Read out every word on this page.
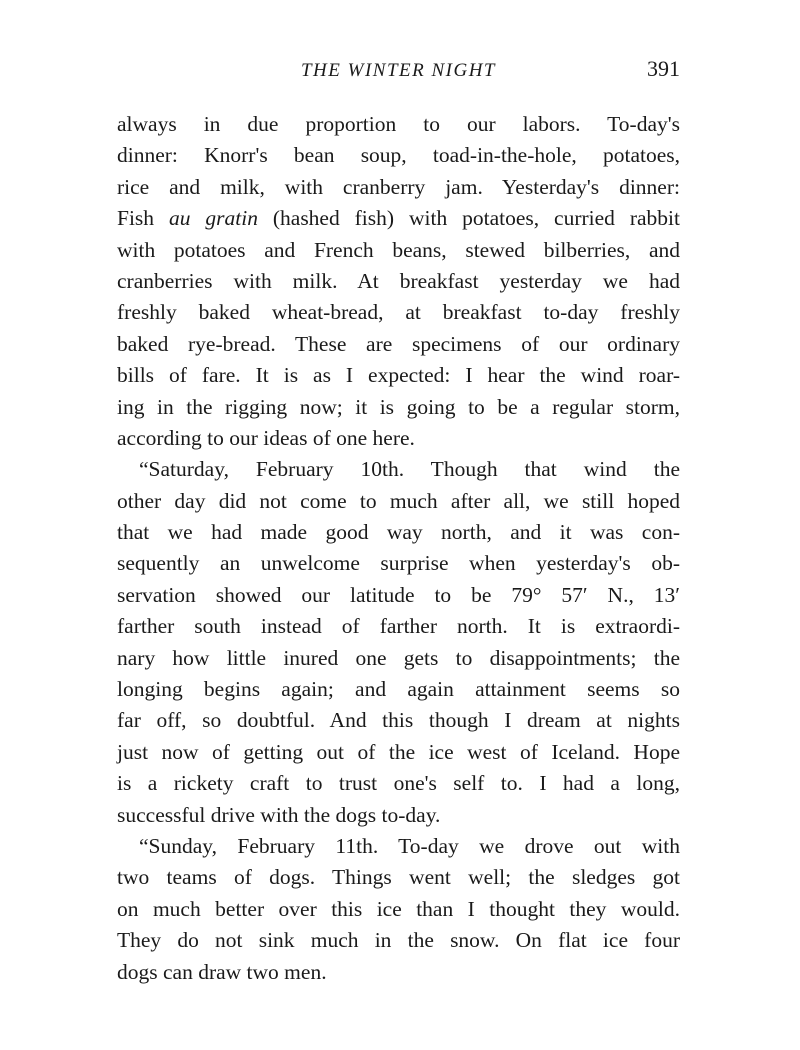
THE WINTER NIGHT	391

always in due proportion to our labors. To-day's
dinner: Knorr's bean soup, toad-in-the-hole, potatoes,
rice and milk, with cranberry jam. Yesterday's dinner:
Fish au gratin (hashed fish) with potatoes, curried rabbit
with potatoes and French beans, stewed bilberries, and
cranberries with milk. At breakfast yesterday we had
freshly baked wheat-bread, at breakfast to-day freshly
baked rye-bread. These are specimens of our ordinary
bills of fare. It is as I expected: I hear the wind roar-
ing in the rigging now; it is going to be a regular storm,
according to our ideas of one here.

“Saturday, February 10th. Though that wind the
other day did not come to much after all, we still hoped
that we had made good way north, and it was con-
sequently an unwelcome surprise when yesterday's ob-
servation showed our latitude to be 79° 57′ N., 13′
farther south instead of farther north. It is extraordi-
nary how little inured one gets to disappointments; the
longing begins again; and again attainment seems so
far off, so doubtful. And this though I dream at nights
just now of getting out of the ice west of Iceland. Hope
is a rickety craft to trust one's self to. I had a long,
successful drive with the dogs to-day.

“Sunday, February 11th. To-day we drove out with
two teams of dogs. Things went well; the sledges got
on much better over this ice than I thought they would.
They do not sink much in the snow. On flat ice four
dogs can draw two men.
